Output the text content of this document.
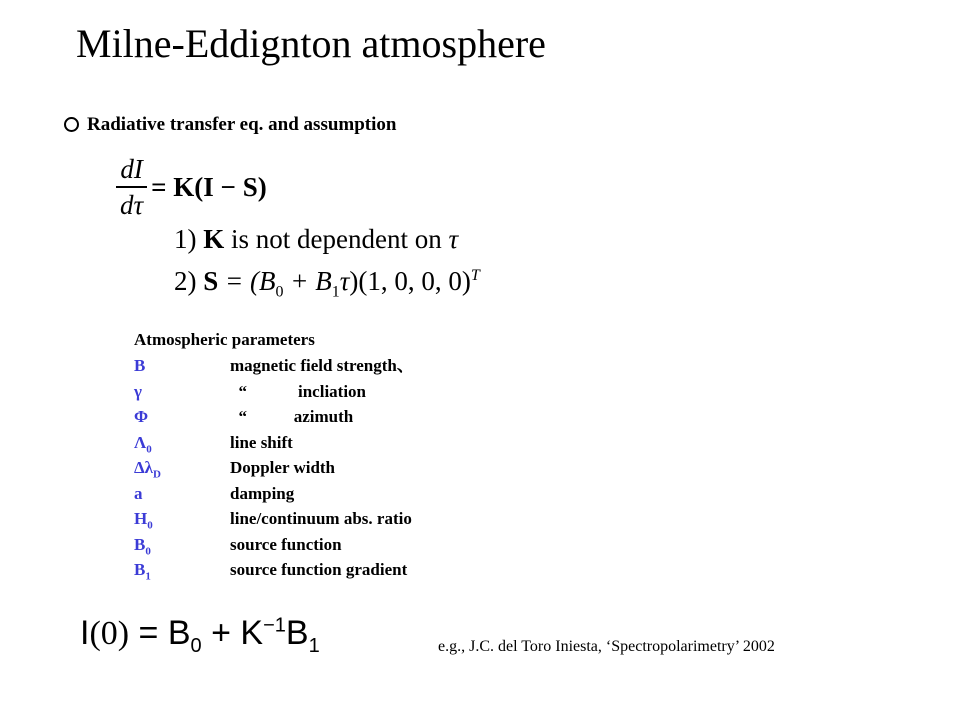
Milne-Eddignton atmosphere
Radiative transfer eq. and assumption
$\frac{dI}{d\tau} = K(I - S)$
1) K is not dependent on τ
2) $S = (B_0 + B_1\tau)(1$, 0, 0, 0)$^T$
Atmospheric parameters
B	magnetic field strength、
γ	“            incliation
Φ	“           azimuth
$\Lambda_0$	line shift
$\Delta\lambda_D$	Doppler width
a	damping
$H_0$	line/continuum abs. ratio
$B_0$	source function
$B_1$	source function gradient
$I(0) = B_0 + K^{-1}B_1$	e.g., J.C. del Toro Iniesta, ‘Spectropolarimetry’ 2002
